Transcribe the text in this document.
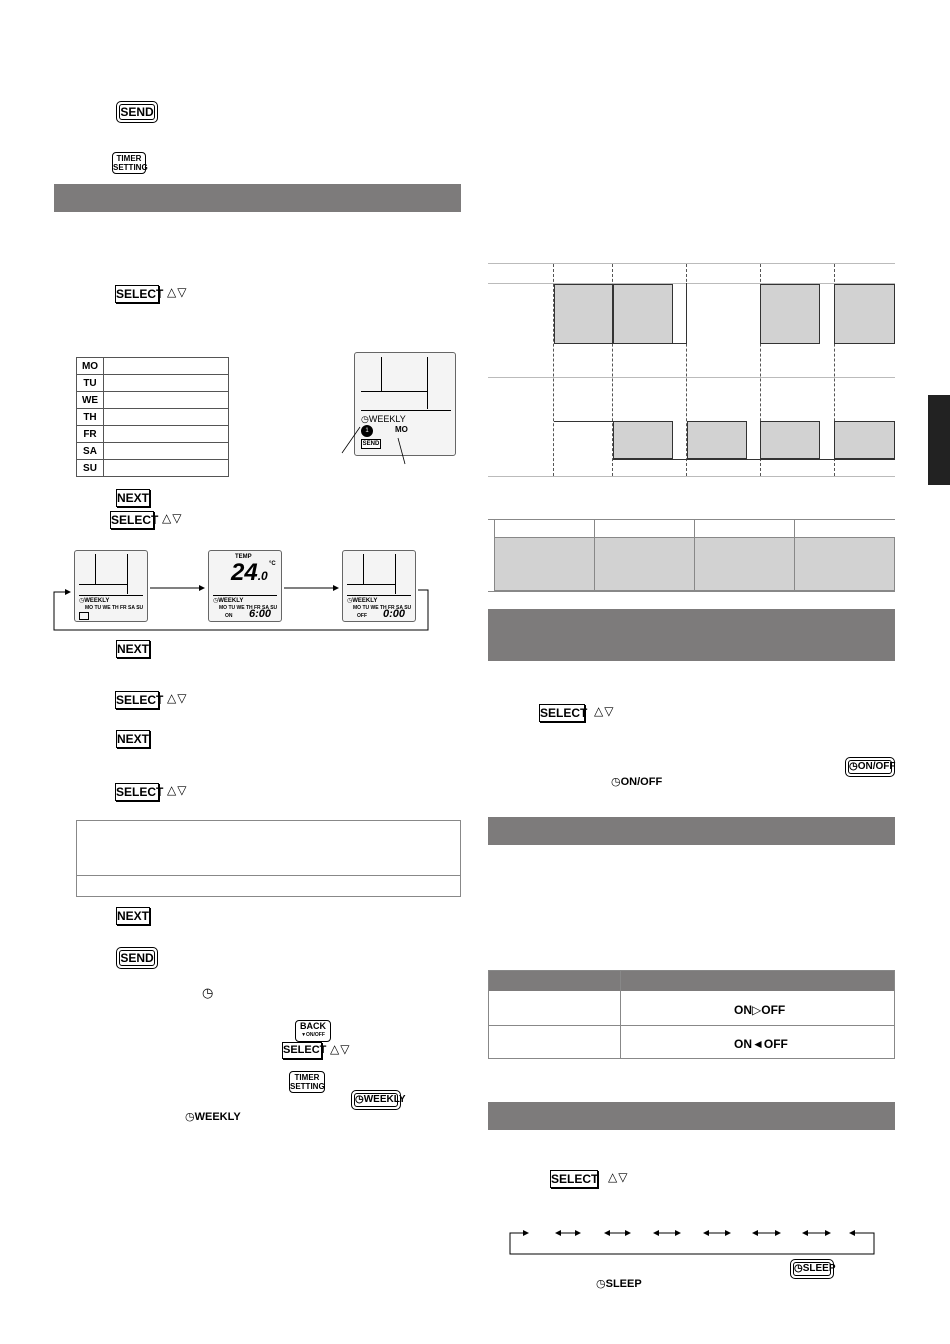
SEND
TIMER
SETTING
SELECT △▽
MO	
TU	
WE	
TH	
FR	
SA	
SU	
◷WEEKLY
MO
1
SEND
NEXT
SELECT △▽
◷WEEKLY
MO TU WE TH FR SA SU
TEMP
24.0
°C
◷WEEKLY
MO TU WE TH FR SA SU
ON 6:00
◷WEEKLY
MO TU WE TH FR SA SU
OFF 0:00
NEXT
SELECT △▽
NEXT
SELECT △▽
NEXT
SEND
◷
BACK
▼ON/OFF
SELECT △▽
TIMER
SETTING
◷WEEKLY
◷WEEKLY
SELECT △▽
◷ON/OFF
◷ON/OFF
ON▷OFF
ON◄OFF
SELECT △▽
◷SLEEP
◷SLEEP
